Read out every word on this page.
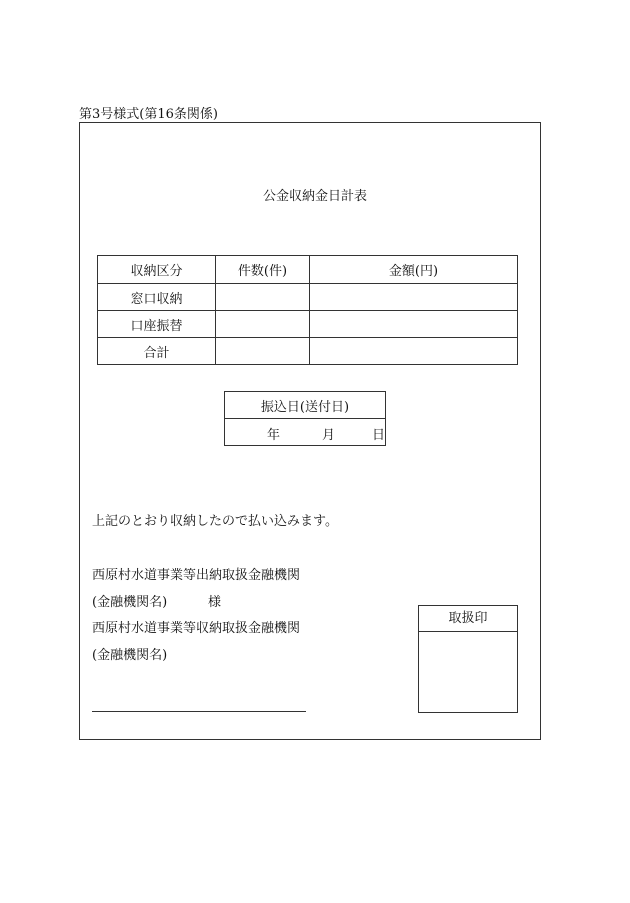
第3号様式(第16条関係)
公金収納金日計表
収納区分	件数(件)	金額(円)
窓口収納		
口座振替		
合計		
振込日(送付日)

年	月	日
上記のとおり収納したので払い込みます。
西原村水道事業等出納取扱金融機関
(金融機関名)	様
西原村水道事業等収納取扱金融機関
(金融機関名)
取扱印
